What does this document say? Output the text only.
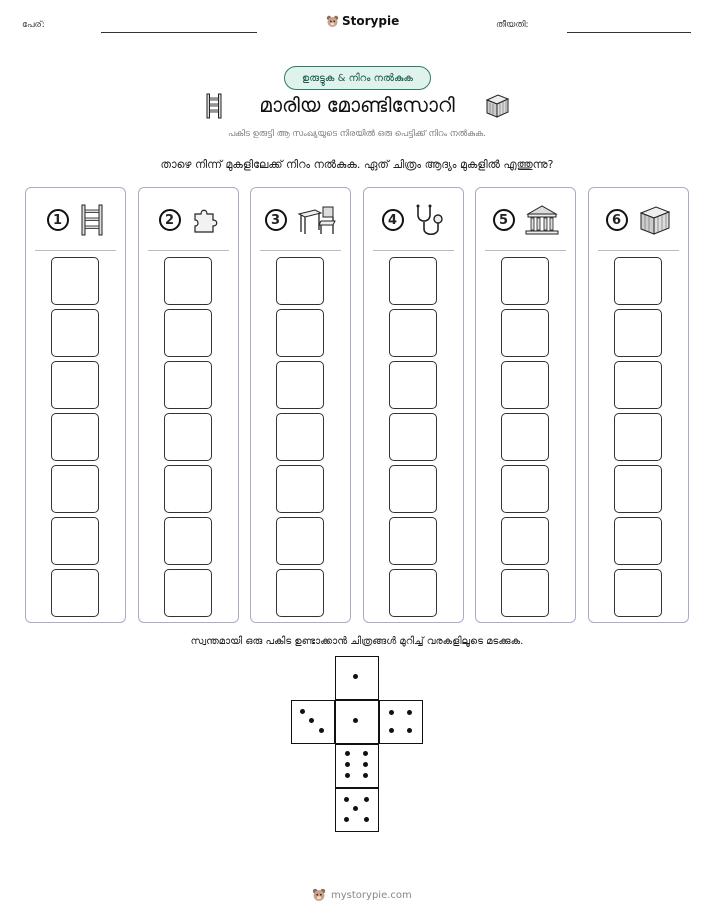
പേര്:	Storypie	തീയതി:
ഉരുട്ടുക & നിറം നൽകുക
മാരിയ മോണ്ടിസോറി
പകിട ഉരുട്ടി ആ സംഖ്യയുടെ നിരയിൽ ഒരു പെട്ടിക്ക് നിറം നൽകുക.
താഴെ നിന്ന് മുകളിലേക്ക് നിറം നൽകുക. ഏത് ചിത്രം ആദ്യം മുകളിൽ എത്തുന്നു?
1	2	3	4	5	6
സ്വന്തമായി ഒരു പകിട ഉണ്ടാക്കാൻ ചിത്രങ്ങൾ മുറിച്ച് വരകളിലൂടെ മടക്കുക.
mystorypie.com
